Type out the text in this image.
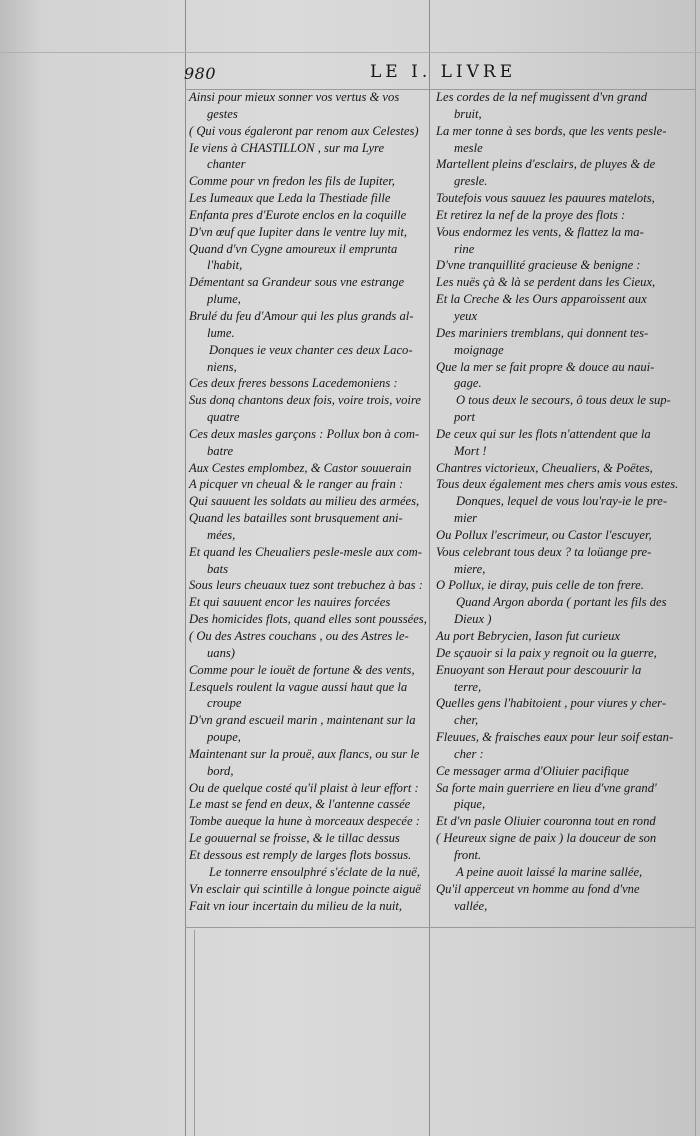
980	LE I. LIVRE
Ainsi pour mieux sonner vos vertus & vos
gestes
( Qui vous égaleront par renom aux Celestes)
Ie viens à CHASTILLON , sur ma Lyre
chanter
Comme pour vn fredon les fils de Iupiter,
Les Iumeaux que Leda la Thestiade fille
Enfanta pres d'Eurote enclos en la coquille
D'vn œuf que Iupiter dans le ventre luy mit,
Quand d'vn Cygne amoureux il emprunta
l'habit,
Démentant sa Grandeur sous vne estrange
plume,
Brulé du feu d'Amour qui les plus grands al-
lume.
Donques ie veux chanter ces deux Laco-
niens,
Ces deux freres bessons Lacedemoniens :
Sus donq chantons deux fois, voire trois, voire
quatre
Ces deux masles garçons : Pollux bon à com-
batre
Aux Cestes emplombez, & Castor souuerain
A picquer vn cheual & le ranger au frain :
Qui sauuent les soldats au milieu des armées,
Quand les batailles sont brusquement ani-
mées,
Et quand les Cheualiers pesle-mesle aux com-
bats
Sous leurs cheuaux tuez sont trebuchez à bas :
Et qui sauuent encor les nauires forcées
Des homicides flots, quand elles sont poussées,
( Ou des Astres couchans , ou des Astres le-
uans)
Comme pour le iouët de fortune & des vents,
Lesquels roulent la vague aussi haut que la
croupe
D'vn grand escueil marin , maintenant sur la
poupe,
Maintenant sur la prouë, aux flancs, ou sur le
bord,
Ou de quelque costé qu'il plaist à leur effort :
Le mast se fend en deux, & l'antenne cassée
Tombe aueque la hune à morceaux despecée :
Le gouuernal se froisse, & le tillac dessus
Et dessous est remply de larges flots bossus.
Le tonnerre ensoulphré s'éclate de la nuë,
Vn esclair qui scintille à longue poincte aiguë
Fait vn iour incertain du milieu de la nuit,
Les cordes de la nef mugissent d'vn grand
bruit,
La mer tonne à ses bords, que les vents pesle-
mesle
Martellent pleins d'esclairs, de pluyes & de
gresle.
Toutefois vous sauuez les pauures matelots,
Et retirez la nef de la proye des flots :
Vous endormez les vents, & flattez la ma-
rine
D'vne tranquillité gracieuse & benigne :
Les nuës çà & là se perdent dans les Cieux,
Et la Creche & les Ours apparoissent aux
yeux
Des mariniers tremblans, qui donnent tes-
moignage
Que la mer se fait propre & douce au naui-
gage.
O tous deux le secours, ô tous deux le sup-
port
De ceux qui sur les flots n'attendent que la
Mort !
Chantres victorieux, Cheualiers, & Poëtes,
Tous deux également mes chers amis vous estes.
Donques, lequel de vous lou'ray-ie le pre-
mier
Ou Pollux l'escrimeur, ou Castor l'escuyer,
Vous celebrant tous deux ? ta loüange pre-
miere,
O Pollux, ie diray, puis celle de ton frere.
Quand Argon aborda ( portant les fils des
Dieux )
Au port Bebrycien, Iason fut curieux
De sçauoir si la paix y regnoit ou la guerre,
Enuoyant son Heraut pour descouurir la
terre,
Quelles gens l'habitoient , pour viures y cher-
cher,
Fleuues, & fraisches eaux pour leur soif estan-
cher :
Ce messager arma d'Oliuier pacifique
Sa forte main guerriere en lieu d'vne grand'
pique,
Et d'vn pasle Oliuier couronna tout en rond
( Heureux signe de paix ) la douceur de son
front.
A peine auoit laissé la marine sallée,
Qu'il apperceut vn homme au fond d'vne
vallée,
